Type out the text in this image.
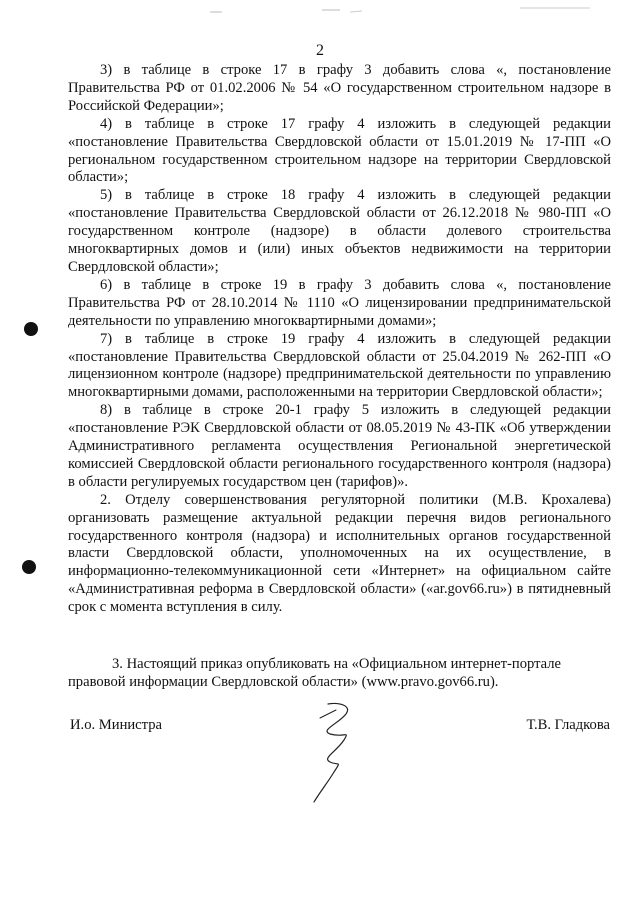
2

3) в таблице в строке 17 в графу 3 добавить слова «, постановление Правительства РФ от 01.02.2006 № 54 «О государственном строительном надзоре в Российской Федерации»;

4) в таблице в строке 17 графу 4 изложить в следующей редакции «постановление Правительства Свердловской области от 15.01.2019 № 17-ПП «О региональном государственном строительном надзоре на территории Свердловской области»;

5) в таблице в строке 18 графу 4 изложить в следующей редакции «постановление Правительства Свердловской области от 26.12.2018 № 980-ПП «О государственном контроле (надзоре) в области долевого строительства многоквартирных домов и (или) иных объектов недвижимости на территории Свердловской области»;

6) в таблице в строке 19 в графу 3 добавить слова «, постановление Правительства РФ от 28.10.2014 № 1110 «О лицензировании предпринимательской деятельности по управлению многоквартирными домами»;

7) в таблице в строке 19 графу 4 изложить в следующей редакции «постановление Правительства Свердловской области от 25.04.2019 № 262-ПП «О лицензионном контроле (надзоре) предпринимательской деятельности по управлению многоквартирными домами, расположенными на территории Свердловской области»;

8) в таблице в строке 20-1 графу 5 изложить в следующей редакции «постановление РЭК Свердловской области от 08.05.2019 № 43-ПК «Об утверждении Административного регламента осуществления Региональной энергетической комиссией Свердловской области регионального государственного контроля (надзора) в области регулируемых государством цен (тарифов)».

2. Отделу совершенствования регуляторной политики (М.В. Крохалева) организовать размещение актуальной редакции перечня видов регионального государственного контроля (надзора) и исполнительных органов государственной власти Свердловской области, уполномоченных на их осуществление, в информационно-телекоммуникационной сети «Интернет» на официальном сайте «Административная реформа в Свердловской области» («ar.gov66.ru») в пятидневный срок с момента вступления в силу.

3. Настоящий приказ опубликовать на «Официальном интернет-портале правовой информации Свердловской области» (www.pravo.gov66.ru).

И.о. Министра	Т.В. Гладкова
